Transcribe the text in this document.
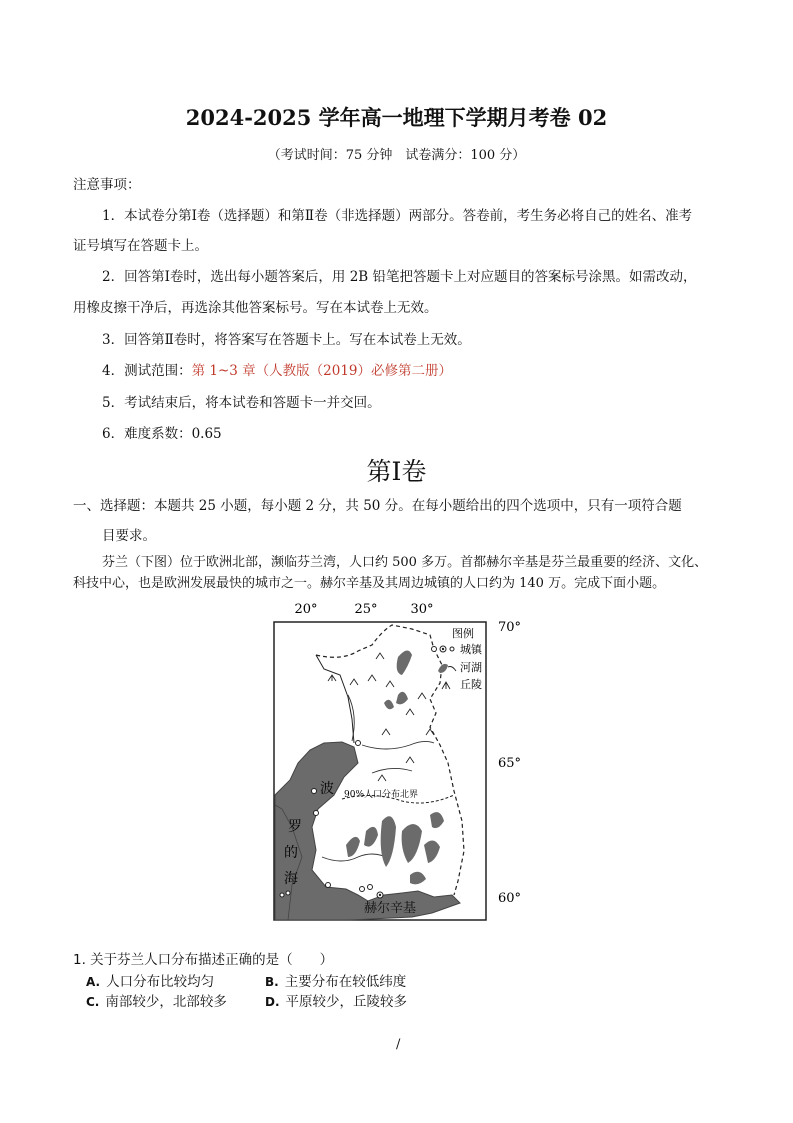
2024-2025 学年高一地理下学期月考卷 02
（考试时间：75 分钟　试卷满分：100 分）
注意事项：
1．本试卷分第Ⅰ卷（选择题）和第Ⅱ卷（非选择题）两部分。答卷前，考生务必将自己的姓名、准考
证号填写在答题卡上。
2．回答第Ⅰ卷时，选出每小题答案后，用 2B 铅笔把答题卡上对应题目的答案标号涂黑。如需改动，
用橡皮擦干净后，再选涂其他答案标号。写在本试卷上无效。
3．回答第Ⅱ卷时，将答案写在答题卡上。写在本试卷上无效。
4．测试范围：第 1~3 章（人教版（2019）必修第二册）
5．考试结束后，将本试卷和答题卡一并交回。
6．难度系数：0.65
第Ⅰ卷
一、选择题：本题共 25 小题，每小题 2 分，共 50 分。在每小题给出的四个选项中，只有一项符合题
目要求。
芬兰（下图）位于欧洲北部，濒临芬兰湾，人口约 500 多万。首都赫尔辛基是芬兰最重要的经济、文化、
科技中心，也是欧洲发展最快的城市之一。赫尔辛基及其周边城镇的人口约为 140 万。完成下面小题。
20°	25°	30°
70°
65°
60°
90%人口分布北界
波
罗
的
海
赫尔辛基
图例
城镇
河湖
丘陵
1. 关于芬兰人口分布描述正确的是（　　）
A. 人口分布比较均匀	B. 主要分布在较低纬度
C. 南部较少，北部较多	D. 平原较少，丘陵较多
/
